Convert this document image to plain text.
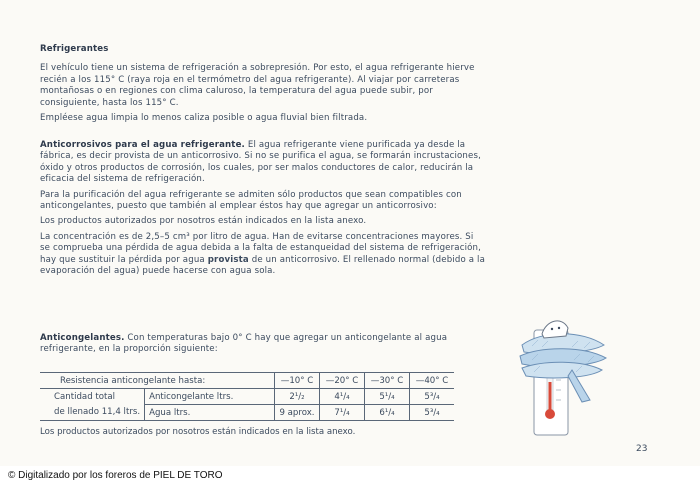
Refrigerantes

El vehículo tiene un sistema de refrigeración a sobrepresión. Por esto, el agua refrigerante hierve recién a los 115° C (raya roja en el termómetro del agua refrigerante). Al viajar por carreteras montañosas o en regiones con clima caluroso, la temperatura del agua puede subir, por consiguiente, hasta los 115° C.

Empléese agua limpia lo menos caliza posible o agua fluvial bien filtrada.

Anticorrosivos para el agua refrigerante. El agua refrigerante viene purificada ya desde la fábrica, es decir provista de un anticorrosivo. Si no se purifica el agua, se formarán incrustaciones, óxido y otros productos de corrosión, los cuales, por ser malos conductores de calor, reducirán la eficacia del sistema de refrigeración.

Para la purificación del agua refrigerante se admiten sólo productos que sean compatibles con anticongelantes, puesto que también al emplear éstos hay que agregar un anticorrosivo:

Los productos autorizados por nosotros están indicados en la lista anexo.

La concentración es de 2,5–5 cm³ por litro de agua. Han de evitarse concentraciones mayores. Si se comprueba una pérdida de agua debida a la falta de estanqueidad del sistema de refrigeración, hay que sustituir la pérdida por agua provista de un anticorrosivo. El rellenado normal (debido a la evaporación del agua) puede hacerse con agua sola.

Anticongelantes. Con temperaturas bajo 0° C hay que agregar un anticongelante al agua refrigerante, en la proporción siguiente:

Resistencia anticongelante hasta:		—10° C	—20° C	—30° C	—40° C
Cantidad total	Anticongelante ltrs.	2¹/₂	4¹/₄	5¹/₄	5³/₄
de llenado 11,4 ltrs.	Agua ltrs.	9 aprox.	7¹/₄	6¹/₄	5³/₄

Los productos autorizados por nosotros están indicados en la lista anexo.

23
© Digitalizado por los foreros de PIEL DE TORO
